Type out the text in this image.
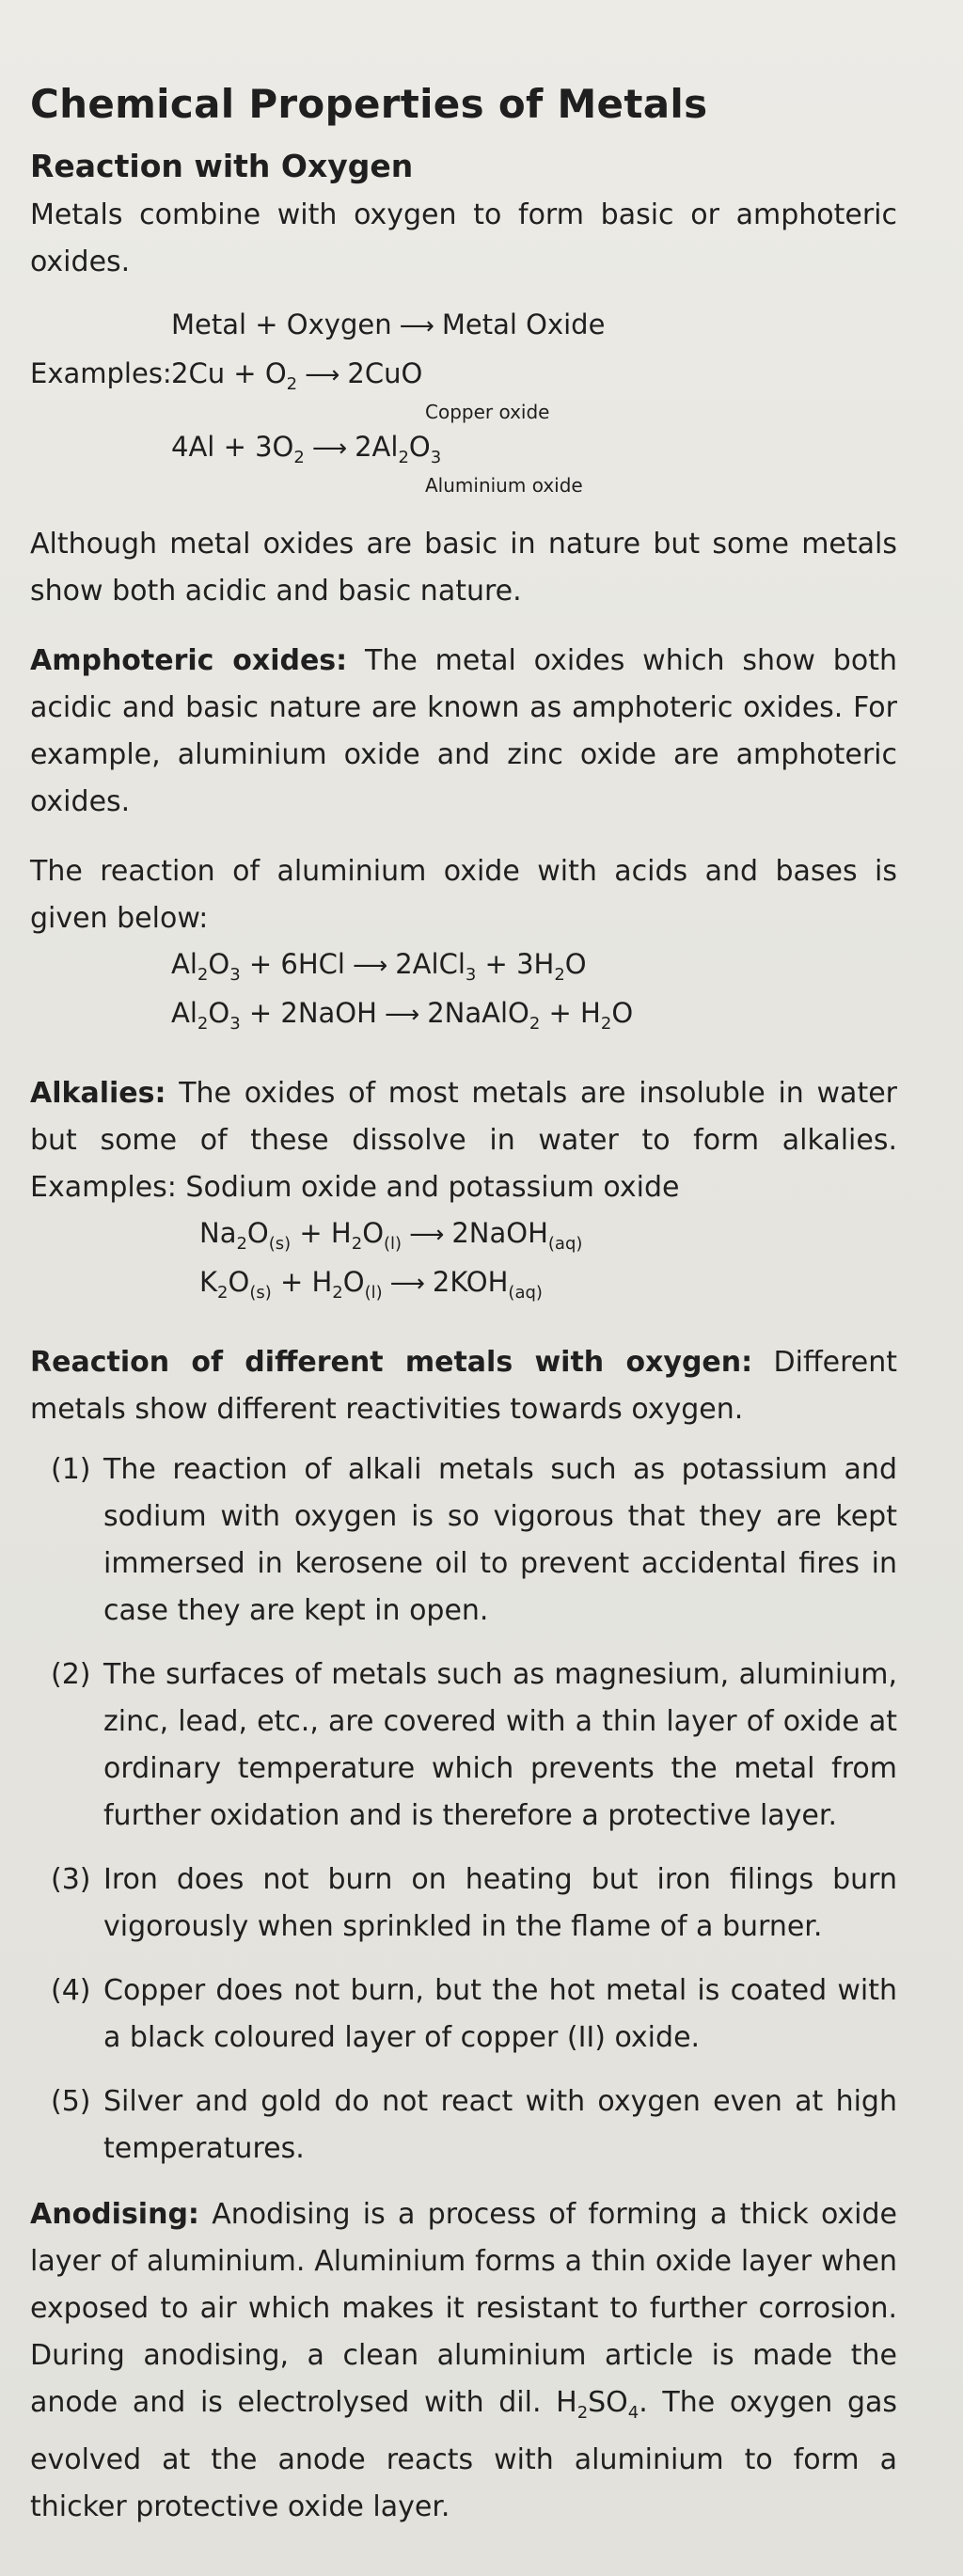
Chemical Properties of Metals
Reaction with Oxygen

Metals combine with oxygen to form basic or amphoteric oxides.

Metal + Oxygen ⟶ Metal Oxide
Examples: $2Cu + O_2$ ⟶ 2CuO
Copper oxide
$4Al + 3O_2$ ⟶ $2Al_2O_3$
Aluminium oxide

Although metal oxides are basic in nature but some metals show both acidic and basic nature.

Amphoteric oxides: The metal oxides which show both acidic and basic nature are known as amphoteric oxides. For example, aluminium oxide and zinc oxide are amphoteric oxides.

The reaction of aluminium oxide with acids and bases is given below:

$Al_2O_3 + 6HCl$ ⟶ 2AlCl$_3$ + $3H_2O$
$Al_2O_3$ + 2NaOH ⟶ 2NaAlO$_2$ + $H_2O$

Alkalies: The oxides of most metals are insoluble in water but some of these dissolve in water to form alkalies. Examples: Sodium oxide and potassium oxide

$Na_2O_{(s)} + H_2O_{(l)}$ ⟶ 2NaOH$_{(aq)}$
$K_2O_{(s)} + H_2O_{(l)}$ ⟶ $2KOH_{(aq)}$

Reaction of different metals with oxygen: Different metals show different reactivities towards oxygen.

(1) The reaction of alkali metals such as potassium and sodium with oxygen is so vigorous that they are kept immersed in kerosene oil to prevent accidental fires in case they are kept in open.
(2) The surfaces of metals such as magnesium, aluminium, zinc, lead, etc., are covered with a thin layer of oxide at ordinary temperature which prevents the metal from further oxidation and is therefore a protective layer.
(3) Iron does not burn on heating but iron filings burn vigorously when sprinkled in the flame of a burner.
(4) Copper does not burn, but the hot metal is coated with a black coloured layer of copper (II) oxide.
(5) Silver and gold do not react with oxygen even at high temperatures.

Anodising: Anodising is a process of forming a thick oxide layer of aluminium. Aluminium forms a thin oxide layer when exposed to air which makes it resistant to further corrosion. During anodising, a clean aluminium article is made the anode and is electrolysed with dil. $H_2SO_4$. The oxygen gas evolved at the anode reacts with aluminium to form a thicker protective oxide layer.
